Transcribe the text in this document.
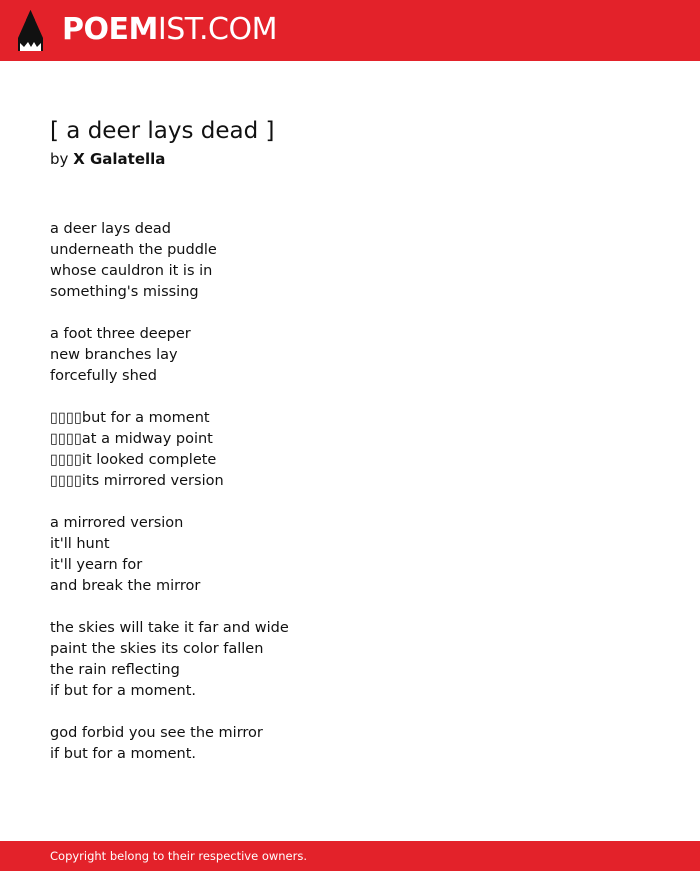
POEMIST.COM
[ a deer lays dead ]
by X Galatella
a deer lays dead
underneath the puddle
whose cauldron it is in
something's missing
a foot three deeper
new branches lay
forcefully shed
▯▯▯▯but for a moment
▯▯▯▯at a midway point
▯▯▯▯it looked complete
▯▯▯▯its mirrored version
a mirrored version
it'll hunt
it'll yearn for
and break the mirror
the skies will take it far and wide
paint the skies its color fallen
the rain reflecting
if but for a moment.
god forbid you see the mirror
if but for a moment.
Copyright belong to their respective owners.
